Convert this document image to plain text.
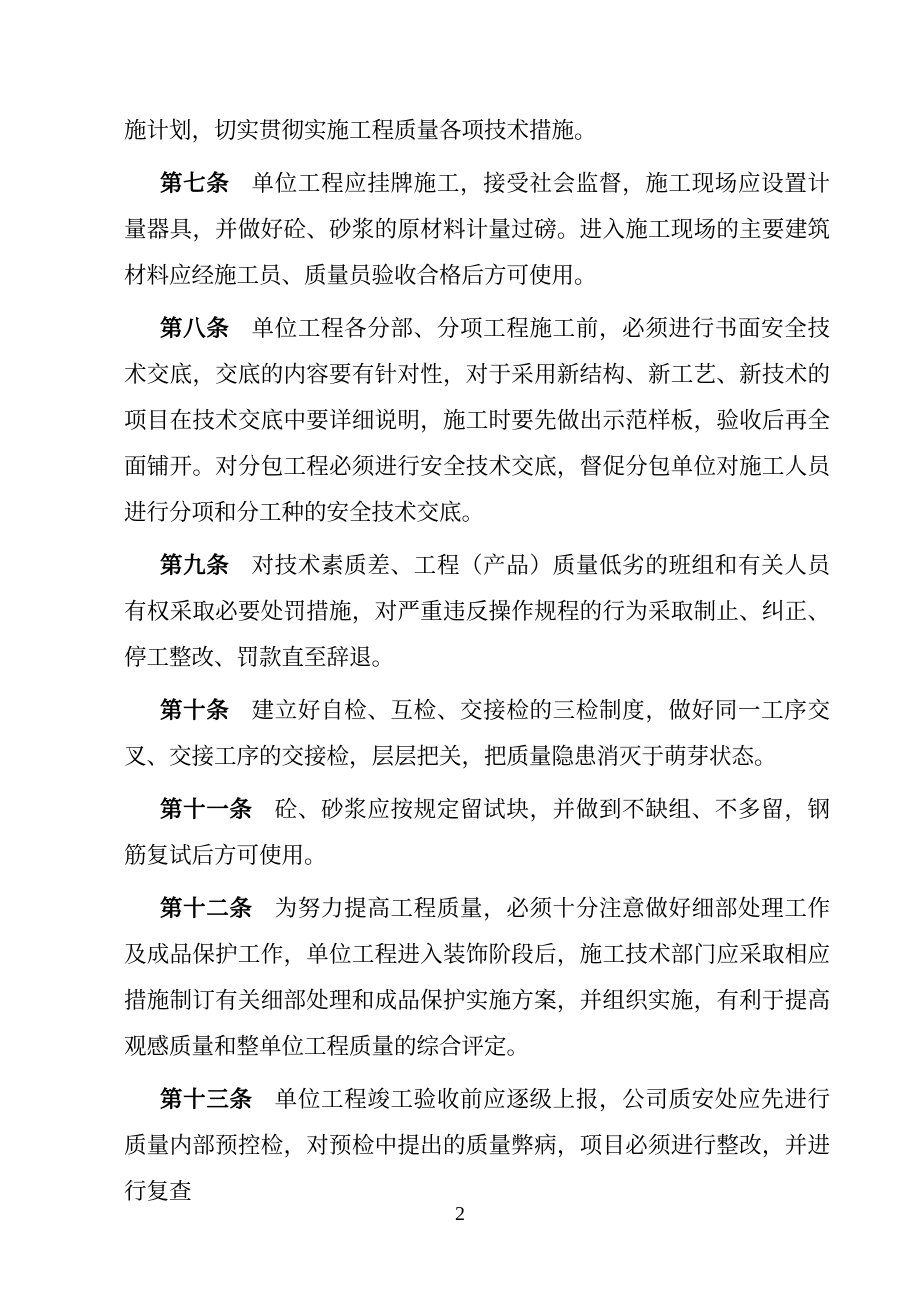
施计划，切实贯彻实施工程质量各项技术措施。

第七条 单位工程应挂牌施工，接受社会监督，施工现场应设置计量器具，并做好砼、砂浆的原材料计量过磅。进入施工现场的主要建筑材料应经施工员、质量员验收合格后方可使用。

第八条 单位工程各分部、分项工程施工前，必须进行书面安全技术交底，交底的内容要有针对性，对于采用新结构、新工艺、新技术的项目在技术交底中要详细说明，施工时要先做出示范样板，验收后再全面铺开。对分包工程必须进行安全技术交底，督促分包单位对施工人员进行分项和分工种的安全技术交底。

第九条 对技术素质差、工程（产品）质量低劣的班组和有关人员有权采取必要处罚措施，对严重违反操作规程的行为采取制止、纠正、停工整改、罚款直至辞退。

第十条 建立好自检、互检、交接检的三检制度，做好同一工序交叉、交接工序的交接检，层层把关，把质量隐患消灭于萌芽状态。

第十一条 砼、砂浆应按规定留试块，并做到不缺组、不多留，钢筋复试后方可使用。

第十二条 为努力提高工程质量，必须十分注意做好细部处理工作及成品保护工作，单位工程进入装饰阶段后，施工技术部门应采取相应措施制订有关细部处理和成品保护实施方案，并组织实施，有利于提高观感质量和整单位工程质量的综合评定。

第十三条 单位工程竣工验收前应逐级上报，公司质安处应先进行质量内部预控检，对预检中提出的质量弊病，项目必须进行整改，并进行复查

2
